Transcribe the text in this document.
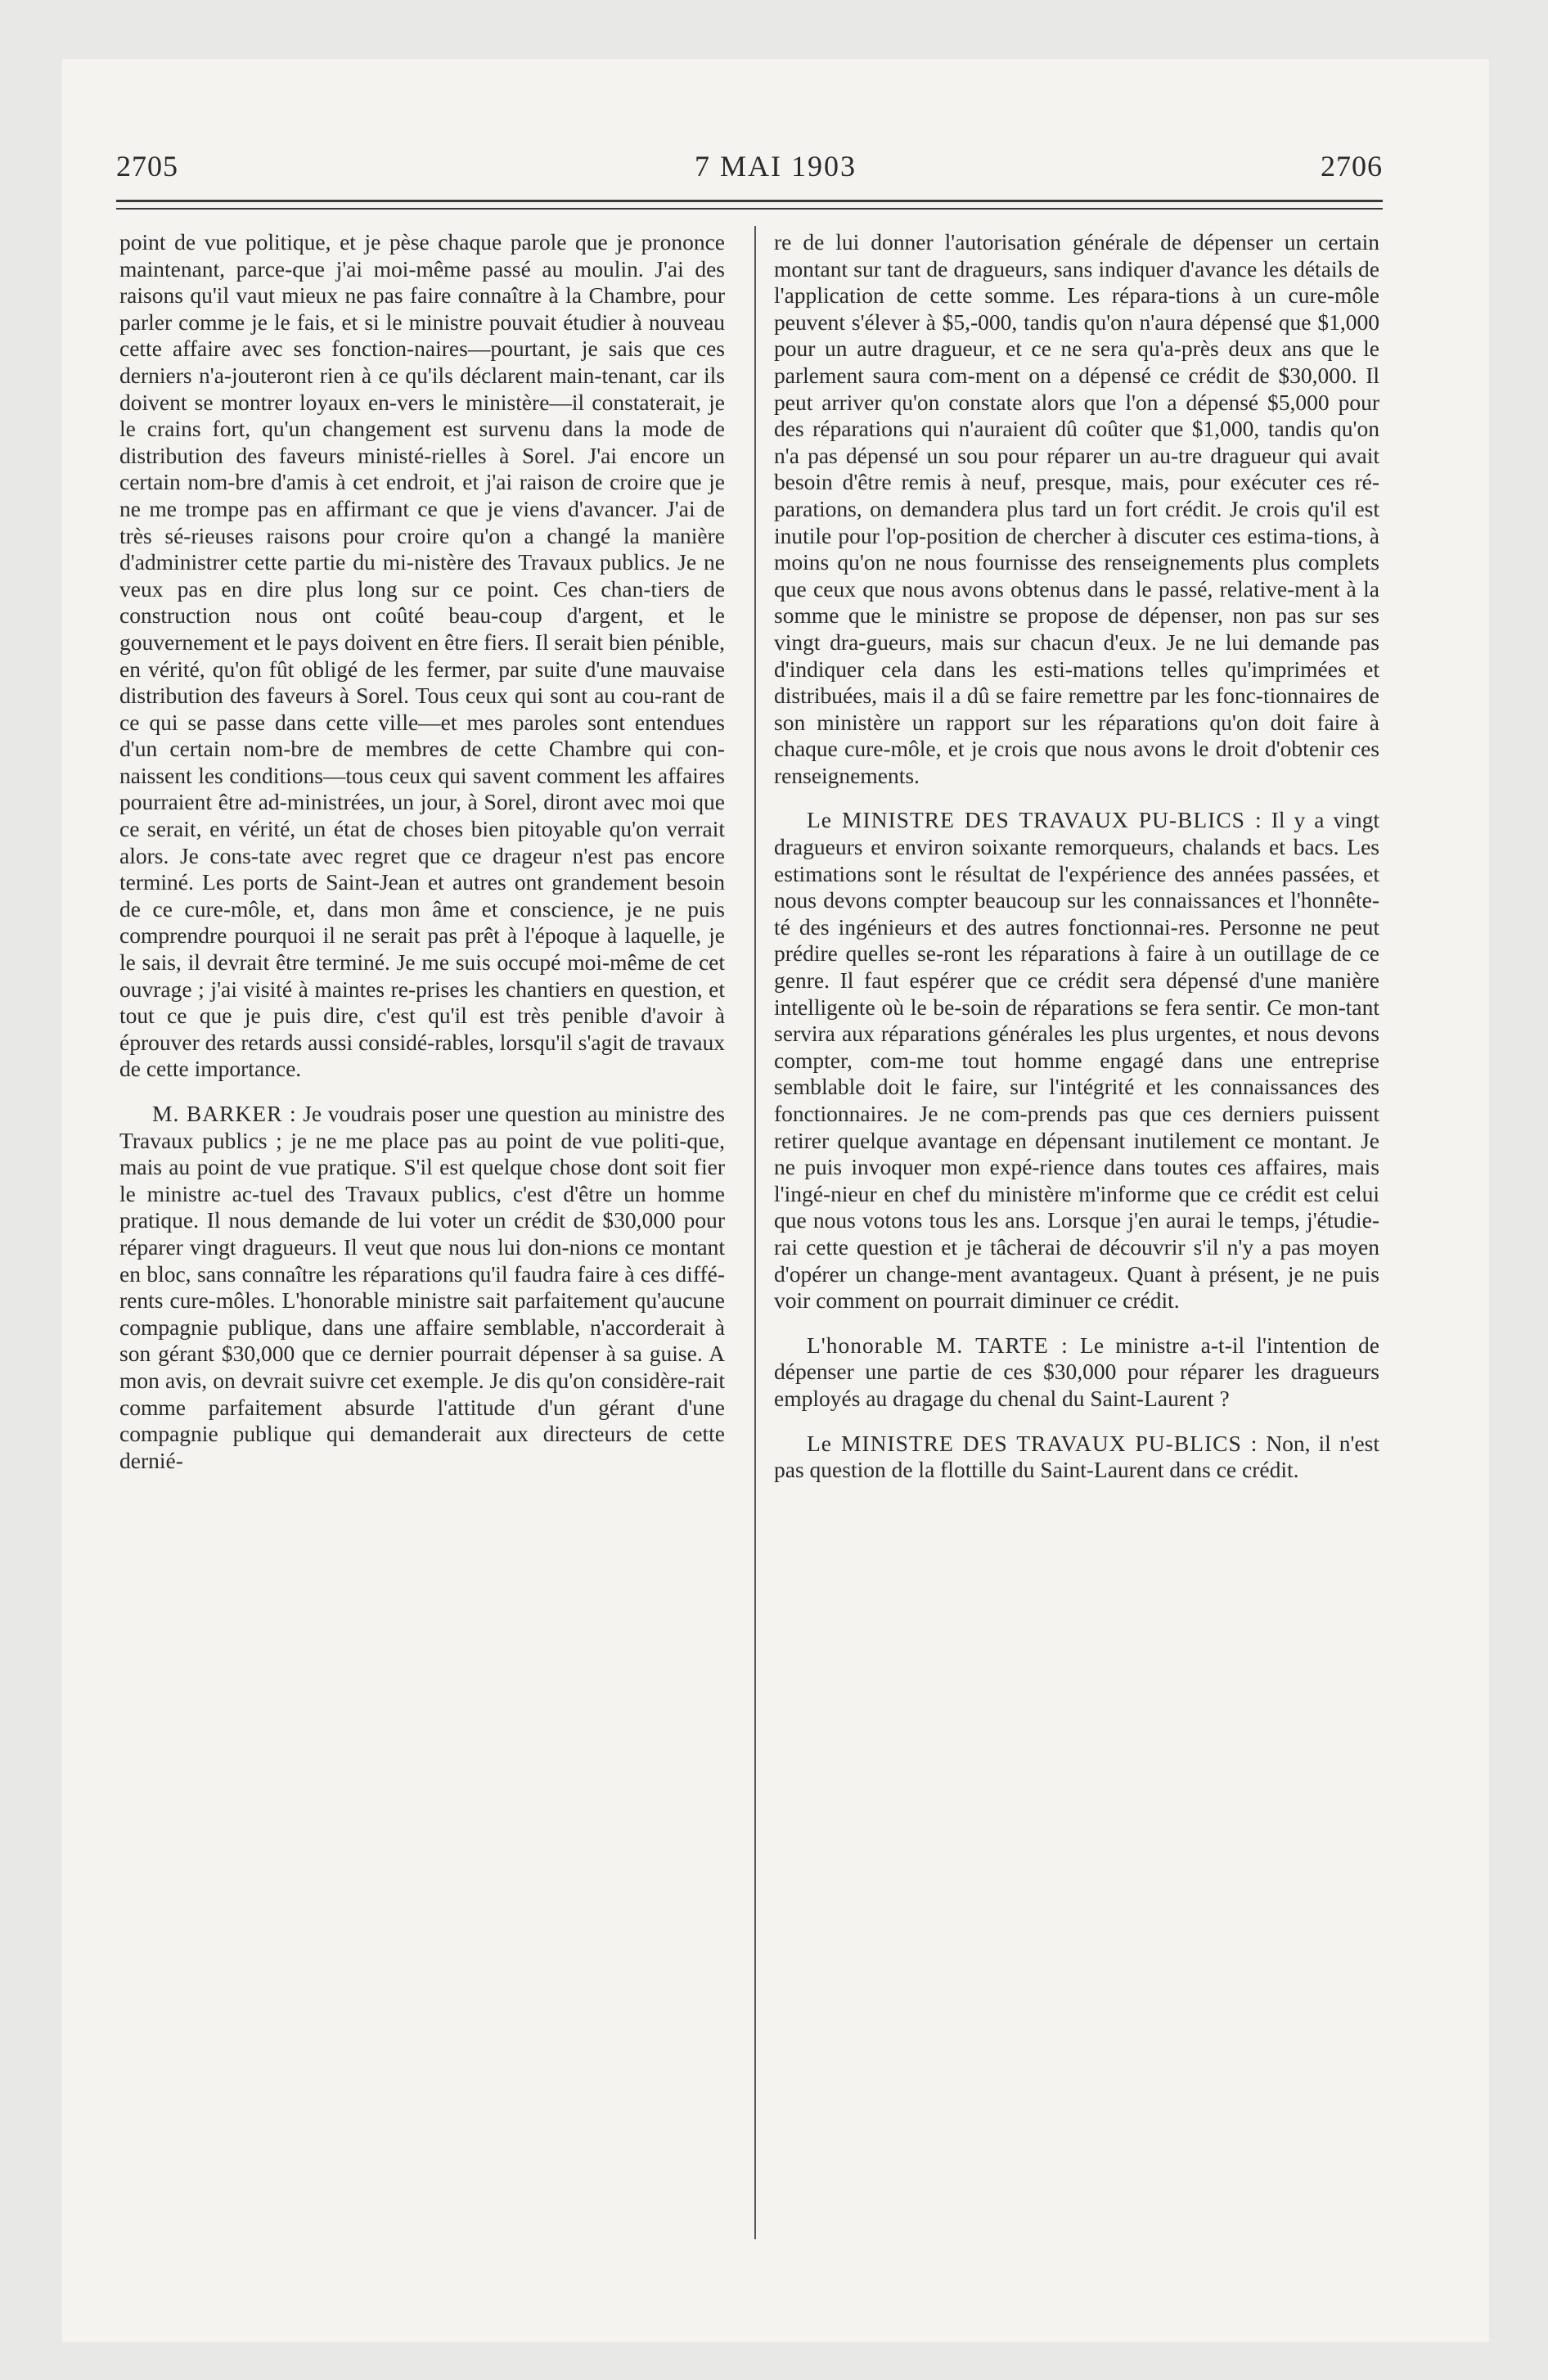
2705	7 MAI 1903	2706

point de vue politique, et je pèse chaque parole que je prononce maintenant, parce-que j'ai moi-même passé au moulin. J'ai des raisons qu'il vaut mieux ne pas faire connaître à la Chambre, pour parler comme je le fais, et si le ministre pouvait étudier à nouveau cette affaire avec ses fonction-naires—pourtant, je sais que ces derniers n'a-jouteront rien à ce qu'ils déclarent main-tenant, car ils doivent se montrer loyaux en-vers le ministère—il constaterait, je le crains fort, qu'un changement est survenu dans la mode de distribution des faveurs ministé-rielles à Sorel. J'ai encore un certain nom-bre d'amis à cet endroit, et j'ai raison de croire que je ne me trompe pas en affirmant ce que je viens d'avancer. J'ai de très sé-rieuses raisons pour croire qu'on a changé la manière d'administrer cette partie du mi-nistère des Travaux publics. Je ne veux pas en dire plus long sur ce point. Ces chan-tiers de construction nous ont coûté beau-coup d'argent, et le gouvernement et le pays doivent en être fiers. Il serait bien pénible, en vérité, qu'on fût obligé de les fermer, par suite d'une mauvaise distribution des faveurs à Sorel. Tous ceux qui sont au cou-rant de ce qui se passe dans cette ville—et mes paroles sont entendues d'un certain nom-bre de membres de cette Chambre qui con-naissent les conditions—tous ceux qui savent comment les affaires pourraient être ad-ministrées, un jour, à Sorel, diront avec moi que ce serait, en vérité, un état de choses bien pitoyable qu'on verrait alors. Je cons-tate avec regret que ce drageur n'est pas encore terminé. Les ports de Saint-Jean et autres ont grandement besoin de ce cure-môle, et, dans mon âme et conscience, je ne puis comprendre pourquoi il ne serait pas prêt à l'époque à laquelle, je le sais, il devrait être terminé. Je me suis occupé moi-même de cet ouvrage ; j'ai visité à maintes re-prises les chantiers en question, et tout ce que je puis dire, c'est qu'il est très penible d'avoir à éprouver des retards aussi considé-rables, lorsqu'il s'agit de travaux de cette importance.

M. BARKER : Je voudrais poser une question au ministre des Travaux publics ; je ne me place pas au point de vue politi-que, mais au point de vue pratique. S'il est quelque chose dont soit fier le ministre ac-tuel des Travaux publics, c'est d'être un homme pratique. Il nous demande de lui voter un crédit de $30,000 pour réparer vingt dragueurs. Il veut que nous lui don-nions ce montant en bloc, sans connaître les réparations qu'il faudra faire à ces diffé-rents cure-môles. L'honorable ministre sait parfaitement qu'aucune compagnie publique, dans une affaire semblable, n'accorderait à son gérant $30,000 que ce dernier pourrait dépenser à sa guise. A mon avis, on devrait suivre cet exemple. Je dis qu'on considère-rait comme parfaitement absurde l'attitude d'un gérant d'une compagnie publique qui demanderait aux directeurs de cette dernié-

re de lui donner l'autorisation générale de dépenser un certain montant sur tant de dragueurs, sans indiquer d'avance les détails de l'application de cette somme. Les répara-tions à un cure-môle peuvent s'élever à $5,-000, tandis qu'on n'aura dépensé que $1,000 pour un autre dragueur, et ce ne sera qu'a-près deux ans que le parlement saura com-ment on a dépensé ce crédit de $30,000. Il peut arriver qu'on constate alors que l'on a dépensé $5,000 pour des réparations qui n'auraient dû coûter que $1,000, tandis qu'on n'a pas dépensé un sou pour réparer un au-tre dragueur qui avait besoin d'être remis à neuf, presque, mais, pour exécuter ces ré-parations, on demandera plus tard un fort crédit. Je crois qu'il est inutile pour l'op-position de chercher à discuter ces estima-tions, à moins qu'on ne nous fournisse des renseignements plus complets que ceux que nous avons obtenus dans le passé, relative-ment à la somme que le ministre se propose de dépenser, non pas sur ses vingt dra-gueurs, mais sur chacun d'eux. Je ne lui demande pas d'indiquer cela dans les esti-mations telles qu'imprimées et distribuées, mais il a dû se faire remettre par les fonc-tionnaires de son ministère un rapport sur les réparations qu'on doit faire à chaque cure-môle, et je crois que nous avons le droit d'obtenir ces renseignements.

Le MINISTRE DES TRAVAUX PU-BLICS : Il y a vingt dragueurs et environ soixante remorqueurs, chalands et bacs. Les estimations sont le résultat de l'expérience des années passées, et nous devons compter beaucoup sur les connaissances et l'honnête-té des ingénieurs et des autres fonctionnai-res. Personne ne peut prédire quelles se-ront les réparations à faire à un outillage de ce genre. Il faut espérer que ce crédit sera dépensé d'une manière intelligente où le be-soin de réparations se fera sentir. Ce mon-tant servira aux réparations générales les plus urgentes, et nous devons compter, com-me tout homme engagé dans une entreprise semblable doit le faire, sur l'intégrité et les connaissances des fonctionnaires. Je ne com-prends pas que ces derniers puissent retirer quelque avantage en dépensant inutilement ce montant. Je ne puis invoquer mon expé-rience dans toutes ces affaires, mais l'ingé-nieur en chef du ministère m'informe que ce crédit est celui que nous votons tous les ans. Lorsque j'en aurai le temps, j'étudie-rai cette question et je tâcherai de découvrir s'il n'y a pas moyen d'opérer un change-ment avantageux. Quant à présent, je ne puis voir comment on pourrait diminuer ce crédit.

L'honorable M. TARTE : Le ministre a-t-il l'intention de dépenser une partie de ces $30,000 pour réparer les dragueurs employés au dragage du chenal du Saint-Laurent ?

Le MINISTRE DES TRAVAUX PU-BLICS : Non, il n'est pas question de la flottille du Saint-Laurent dans ce crédit.
